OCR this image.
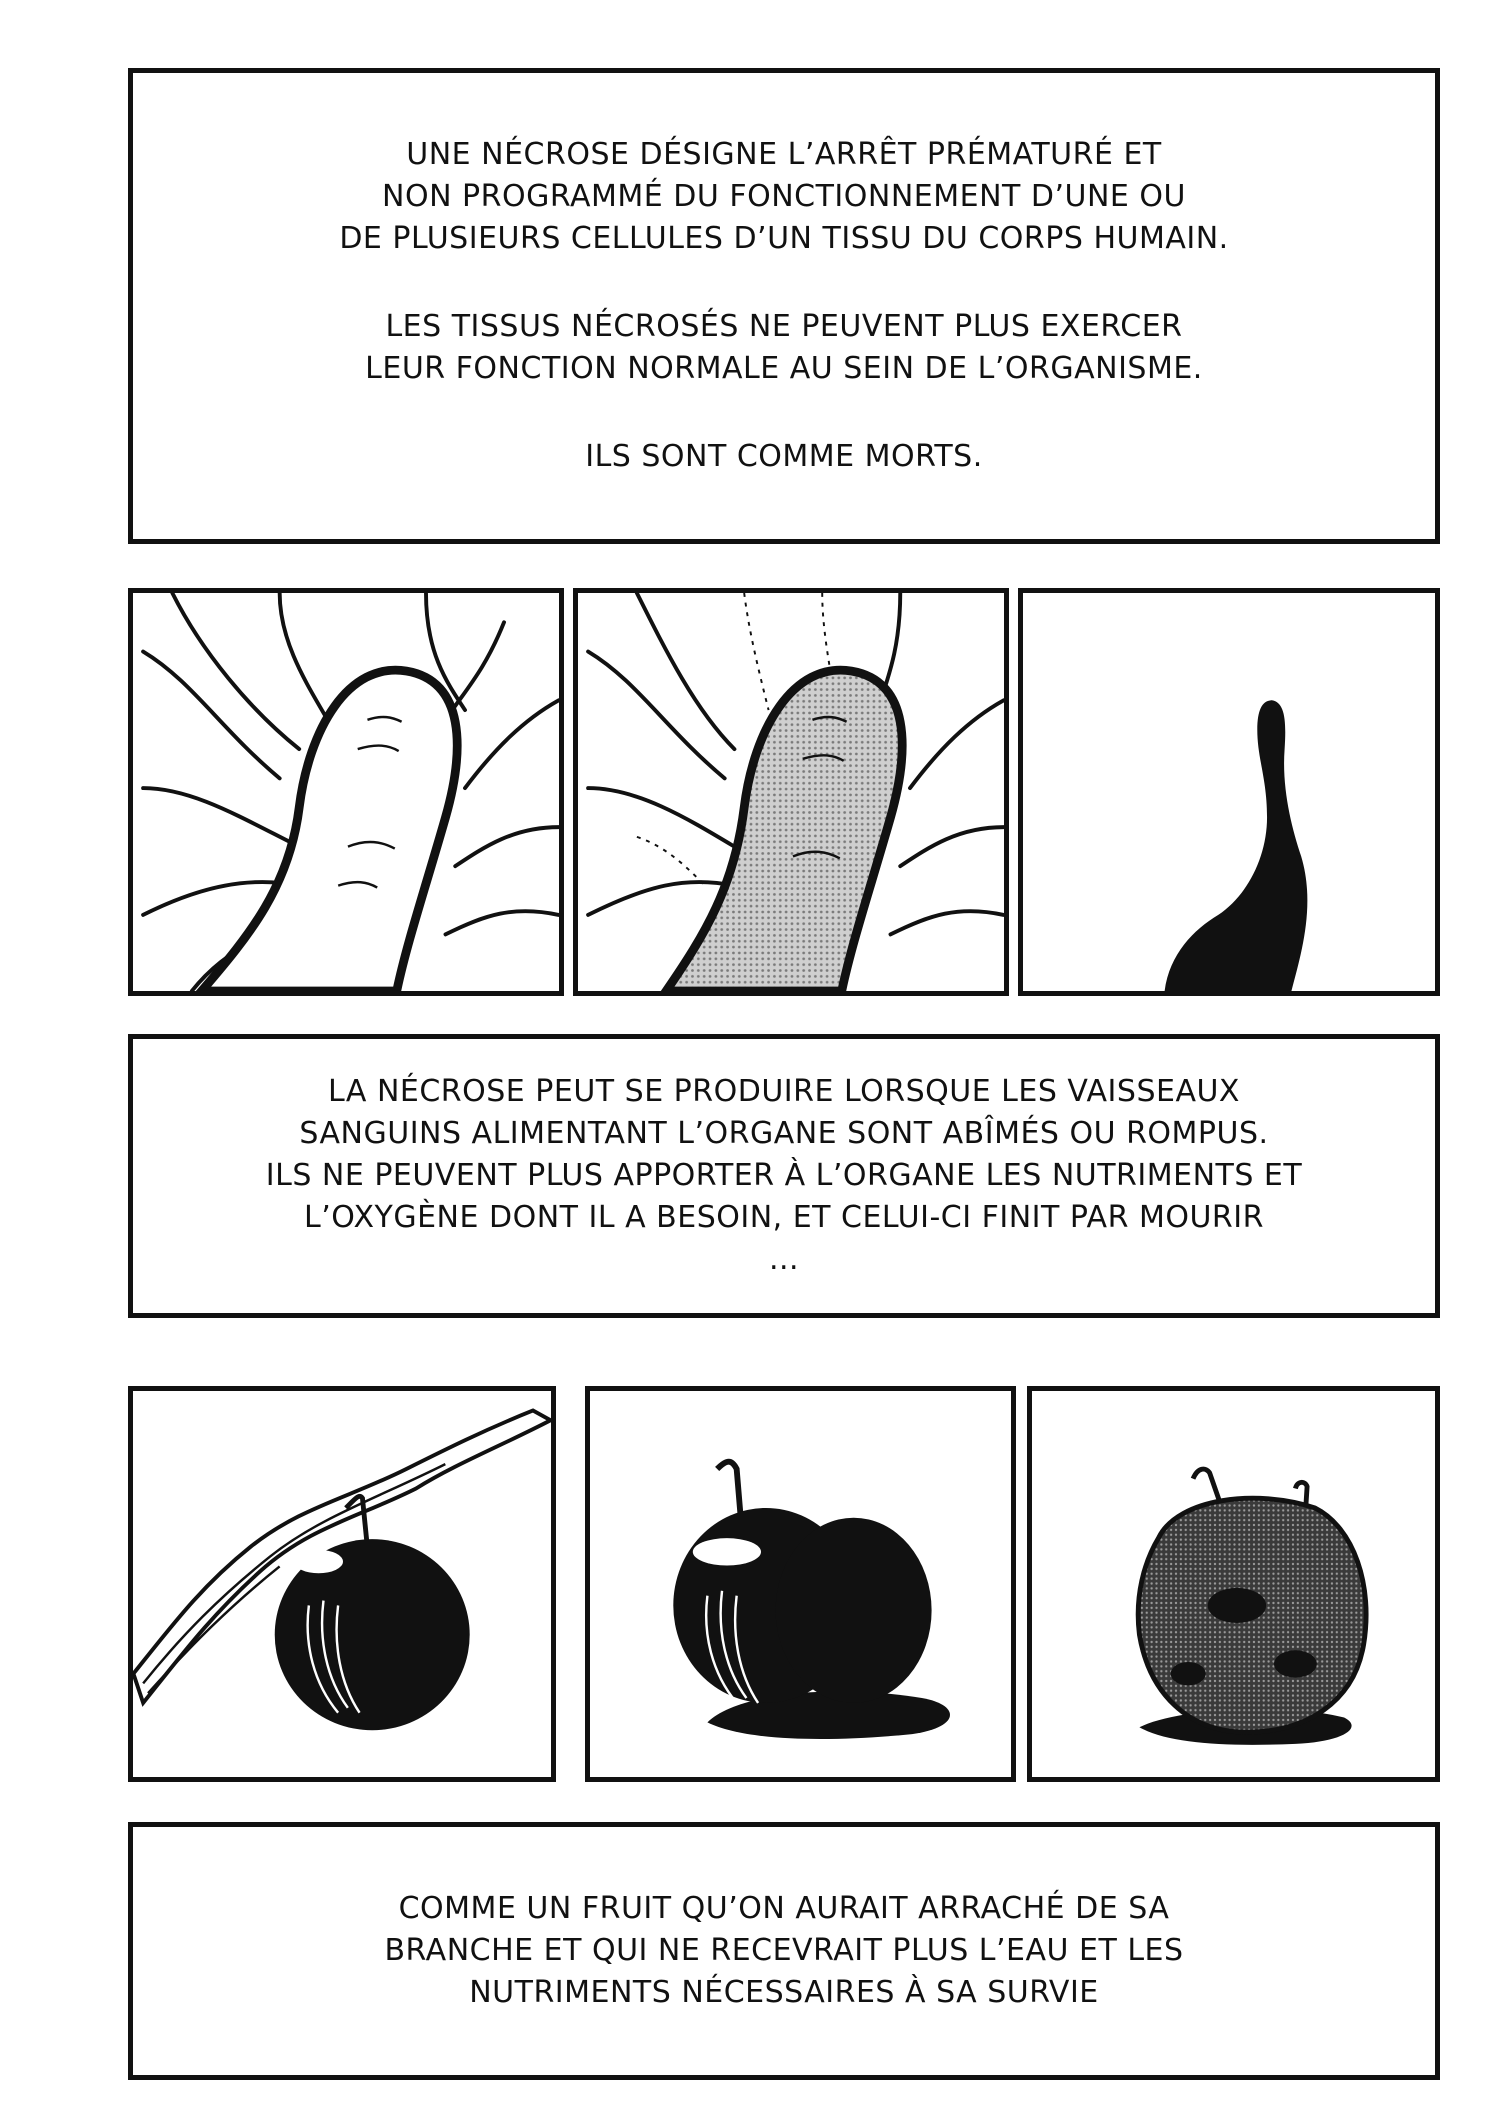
UNE NÉCROSE DÉSIGNE L’ARRÊT PRÉMATURÉ ET
NON PROGRAMMÉ DU FONCTIONNEMENT D’UNE OU
DE PLUSIEURS CELLULES D’UN TISSU DU CORPS HUMAIN.

LES TISSUS NÉCROSÉS NE PEUVENT PLUS EXERCER
LEUR FONCTION NORMALE AU SEIN DE L’ORGANISME.

ILS SONT COMME MORTS.

LA NÉCROSE PEUT SE PRODUIRE LORSQUE LES VAISSEAUX
SANGUINS ALIMENTANT L’ORGANE SONT ABÎMÉS OU ROMPUS.
ILS NE PEUVENT PLUS APPORTER À L’ORGANE LES NUTRIMENTS ET
L’OXYGÈNE DONT IL A BESOIN, ET CELUI-CI FINIT PAR MOURIR
…

COMME UN FRUIT QU’ON AURAIT ARRACHÉ DE SA
BRANCHE ET QUI NE RECEVRAIT PLUS L’EAU ET LES
NUTRIMENTS NÉCESSAIRES À SA SURVIE
